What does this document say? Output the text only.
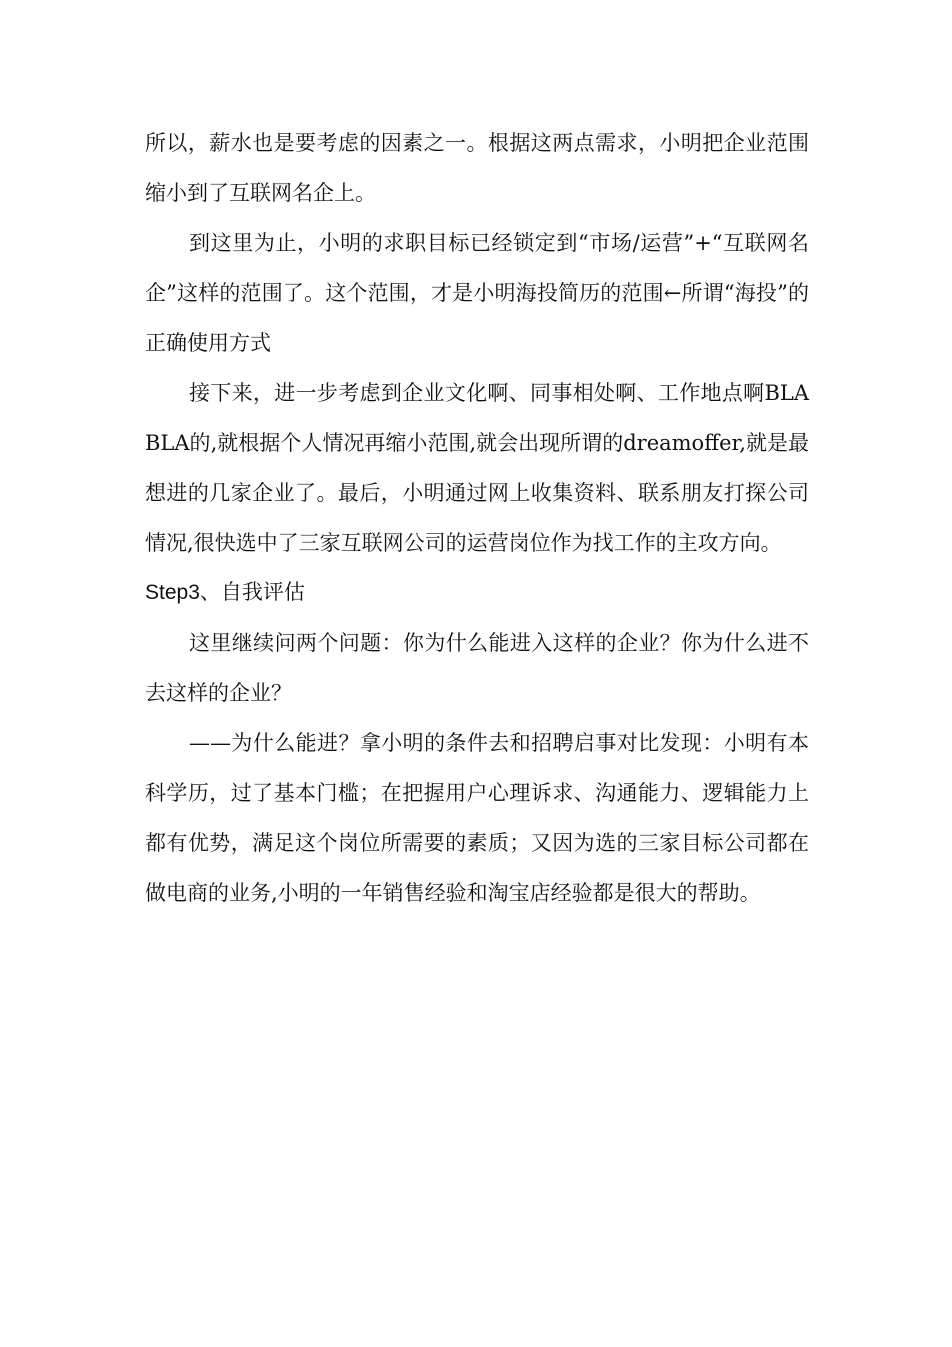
所以，薪水也是要考虑的因素之一。根据这两点需求，小明把企业范围缩小到了互联网名企上。

到这里为止，小明的求职目标已经锁定到“市场/运营”+“互联网名企”这样的范围了。这个范围，才是小明海投简历的范围←所谓“海投”的正确使用方式

接下来，进一步考虑到企业文化啊、同事相处啊、工作地点啊BLABLA的,就根据个人情况再缩小范围,就会出现所谓的dreamoffer,就是最想进的几家企业了。最后，小明通过网上收集资料、联系朋友打探公司情况,很快选中了三家互联网公司的运营岗位作为找工作的主攻方向。

Step3、自我评估

这里继续问两个问题：你为什么能进入这样的企业？你为什么进不去这样的企业？

——为什么能进？拿小明的条件去和招聘启事对比发现：小明有本科学历，过了基本门槛；在把握用户心理诉求、沟通能力、逻辑能力上都有优势，满足这个岗位所需要的素质；又因为选的三家目标公司都在做电商的业务,小明的一年销售经验和淘宝店经验都是很大的帮助。
